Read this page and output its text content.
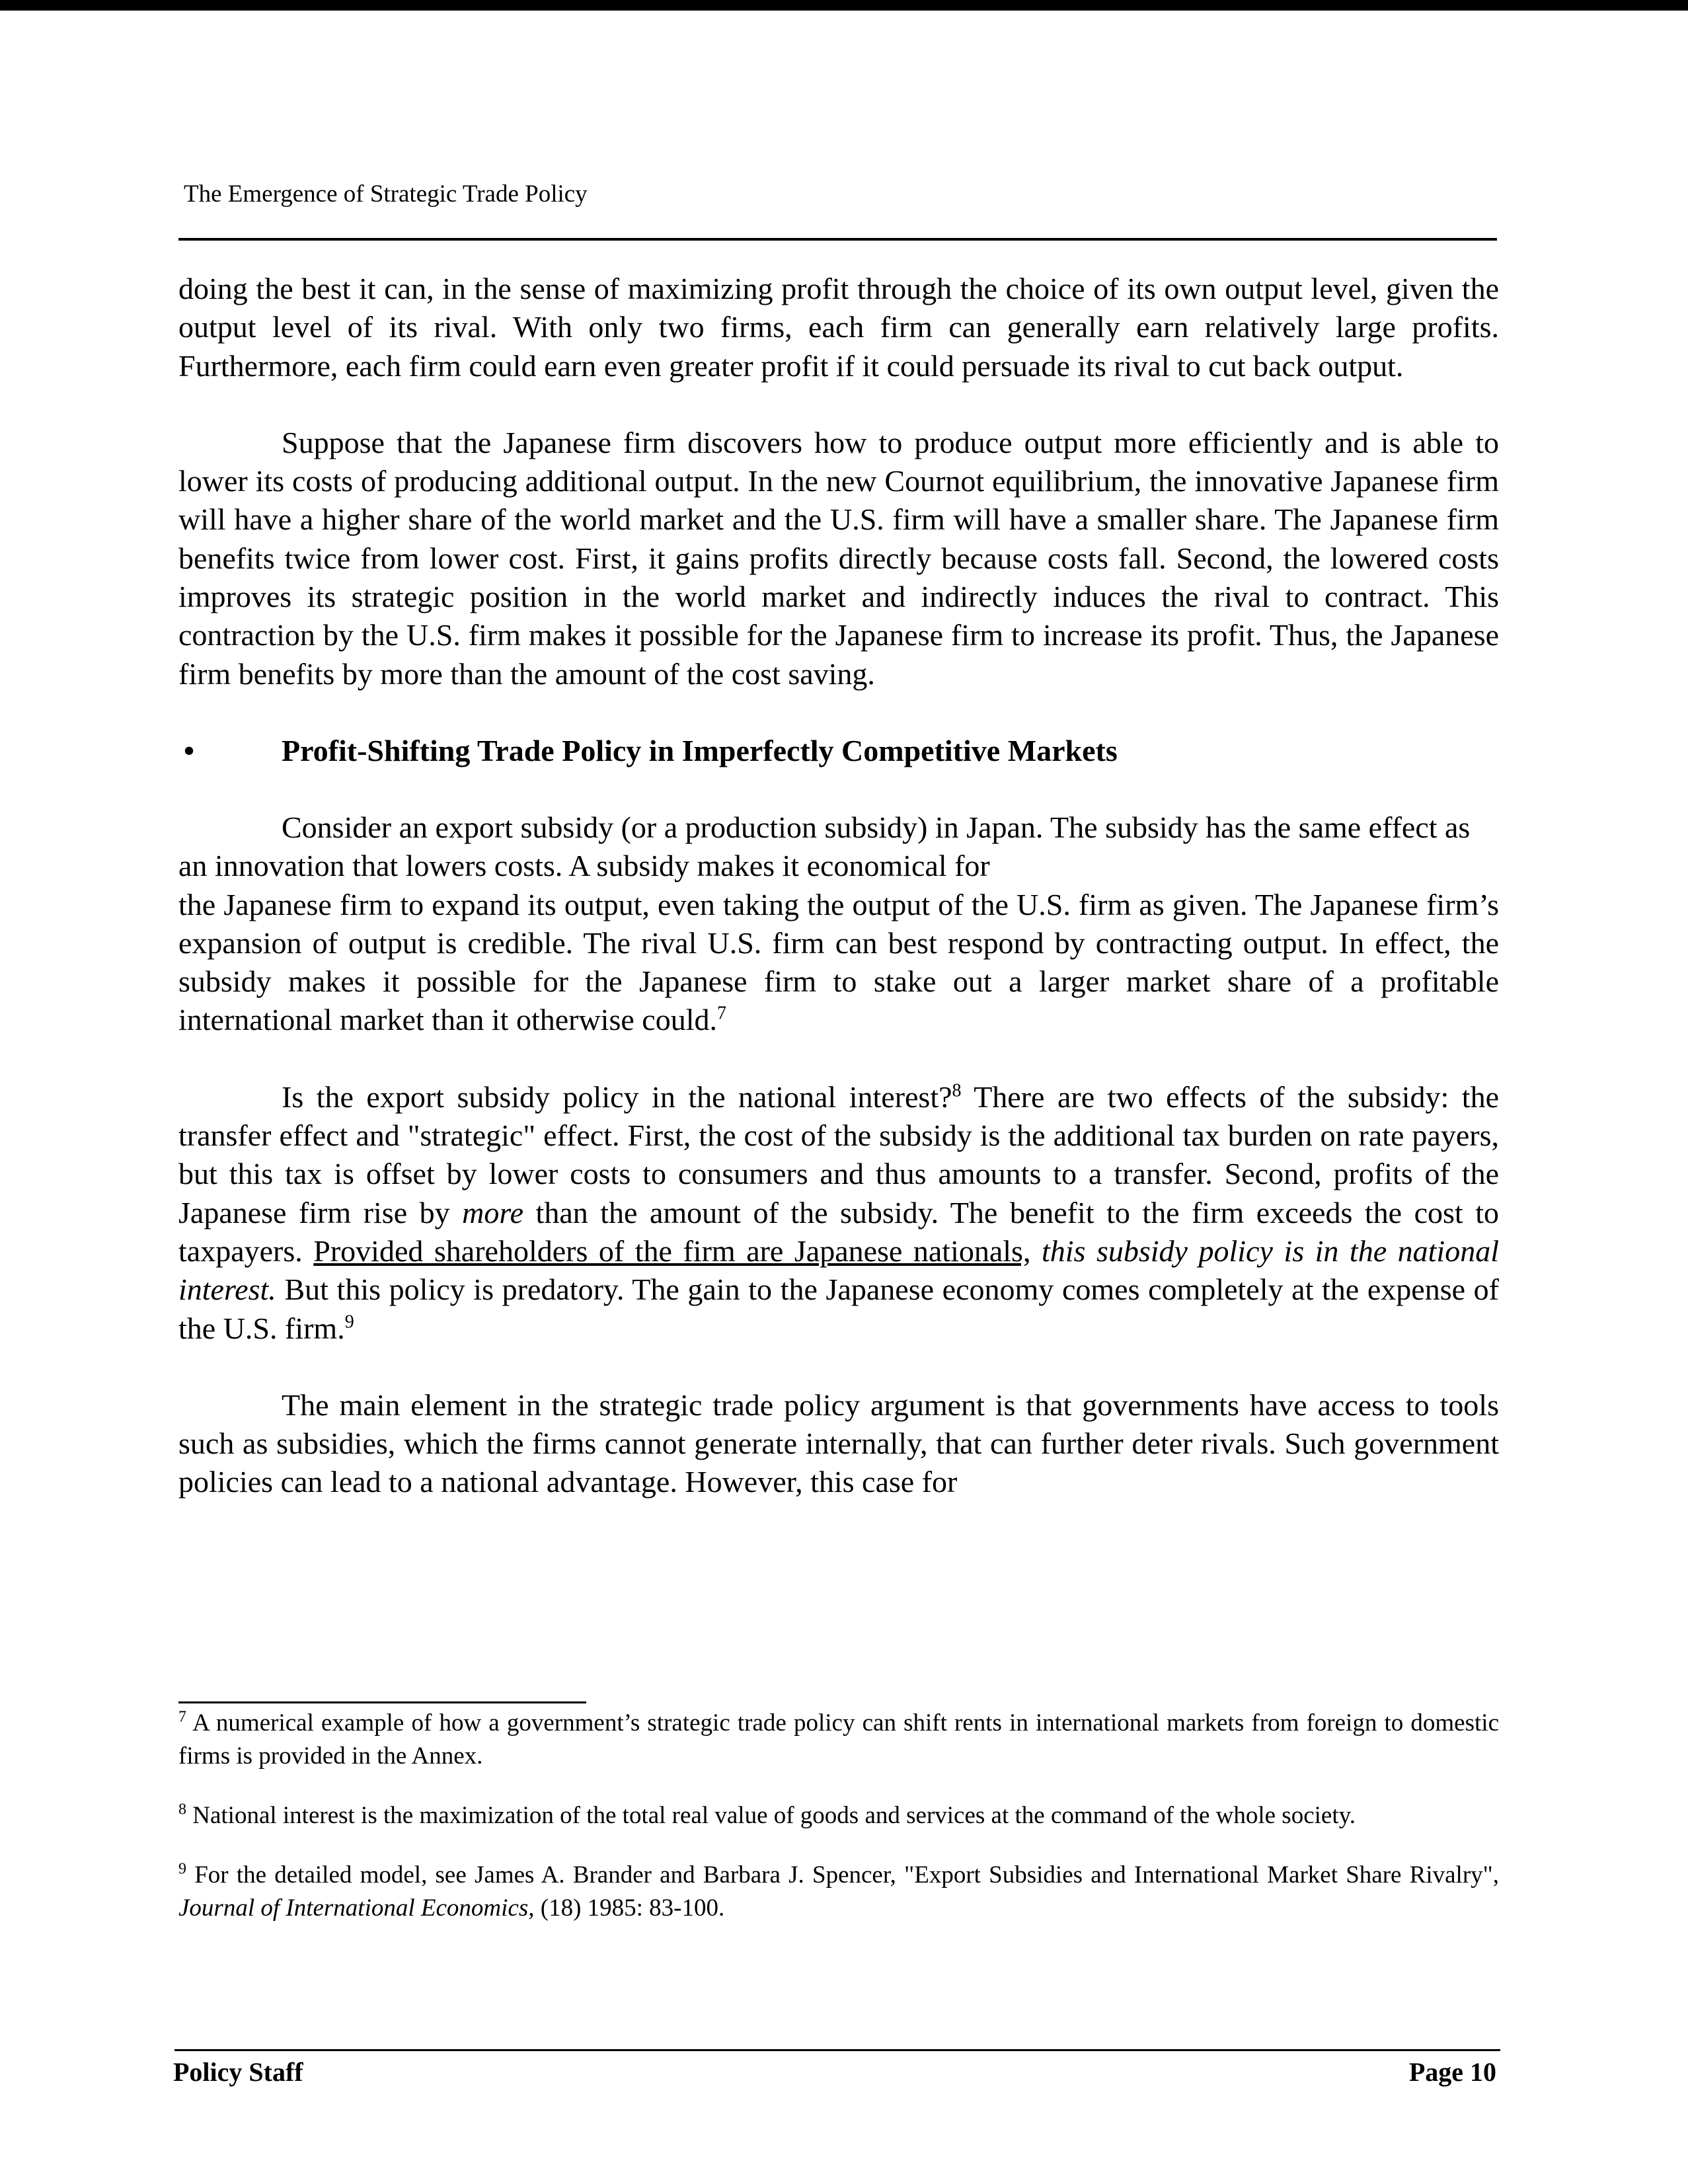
The Emergence of Strategic Trade Policy

doing the best it can, in the sense of maximizing profit through the choice of its own output level, given the output level of its rival. With only two firms, each firm can generally earn relatively large profits. Furthermore, each firm could earn even greater profit if it could persuade its rival to cut back output.

Suppose that the Japanese firm discovers how to produce output more efficiently and is able to lower its costs of producing additional output. In the new Cournot equilibrium, the innovative Japanese firm will have a higher share of the world market and the U.S. firm will have a smaller share. The Japanese firm benefits twice from lower cost. First, it gains profits directly because costs fall. Second, the lowered costs improves its strategic position in the world market and indirectly induces the rival to contract. This contraction by the U.S. firm makes it possible for the Japanese firm to increase its profit. Thus, the Japanese firm benefits by more than the amount of the cost saving.

•	Profit-Shifting Trade Policy in Imperfectly Competitive Markets

Consider an export subsidy (or a production subsidy) in Japan. The subsidy has the same effect as an innovation that lowers costs. A subsidy makes it economical for

the Japanese firm to expand its output, even taking the output of the U.S. firm as given. The Japanese firm’s expansion of output is credible. The rival U.S. firm can best respond by contracting output. In effect, the subsidy makes it possible for the Japanese firm to stake out a larger market share of a profitable international market than it otherwise could.$^7$

Is the export subsidy policy in the national interest?$^8$ There are two effects of the subsidy: the transfer effect and "strategic" effect. First, the cost of the subsidy is the additional tax burden on rate payers, but this tax is offset by lower costs to consumers and thus amounts to a transfer. Second, profits of the Japanese firm rise by more than the amount of the subsidy. The benefit to the firm exceeds the cost to taxpayers. Provided shareholders of the firm are Japanese nationals, this subsidy policy is in the national interest. But this policy is predatory. The gain to the Japanese economy comes completely at the expense of the U.S. firm.$^9$

The main element in the strategic trade policy argument is that governments have access to tools such as subsidies, which the firms cannot generate internally, that can further deter rivals. Such government policies can lead to a national advantage. However, this case for

$^7$ A numerical example of how a government’s strategic trade policy can shift rents in international markets from foreign to domestic firms is provided in the Annex.

$^8$ National interest is the maximization of the total real value of goods and services at the command of the whole society.

$^9$ For the detailed model, see James A. Brander and Barbara J. Spencer, "Export Subsidies and International Market Share Rivalry", Journal of International Economics, (18) 1985: 83-100.

Policy Staff	Page 10
